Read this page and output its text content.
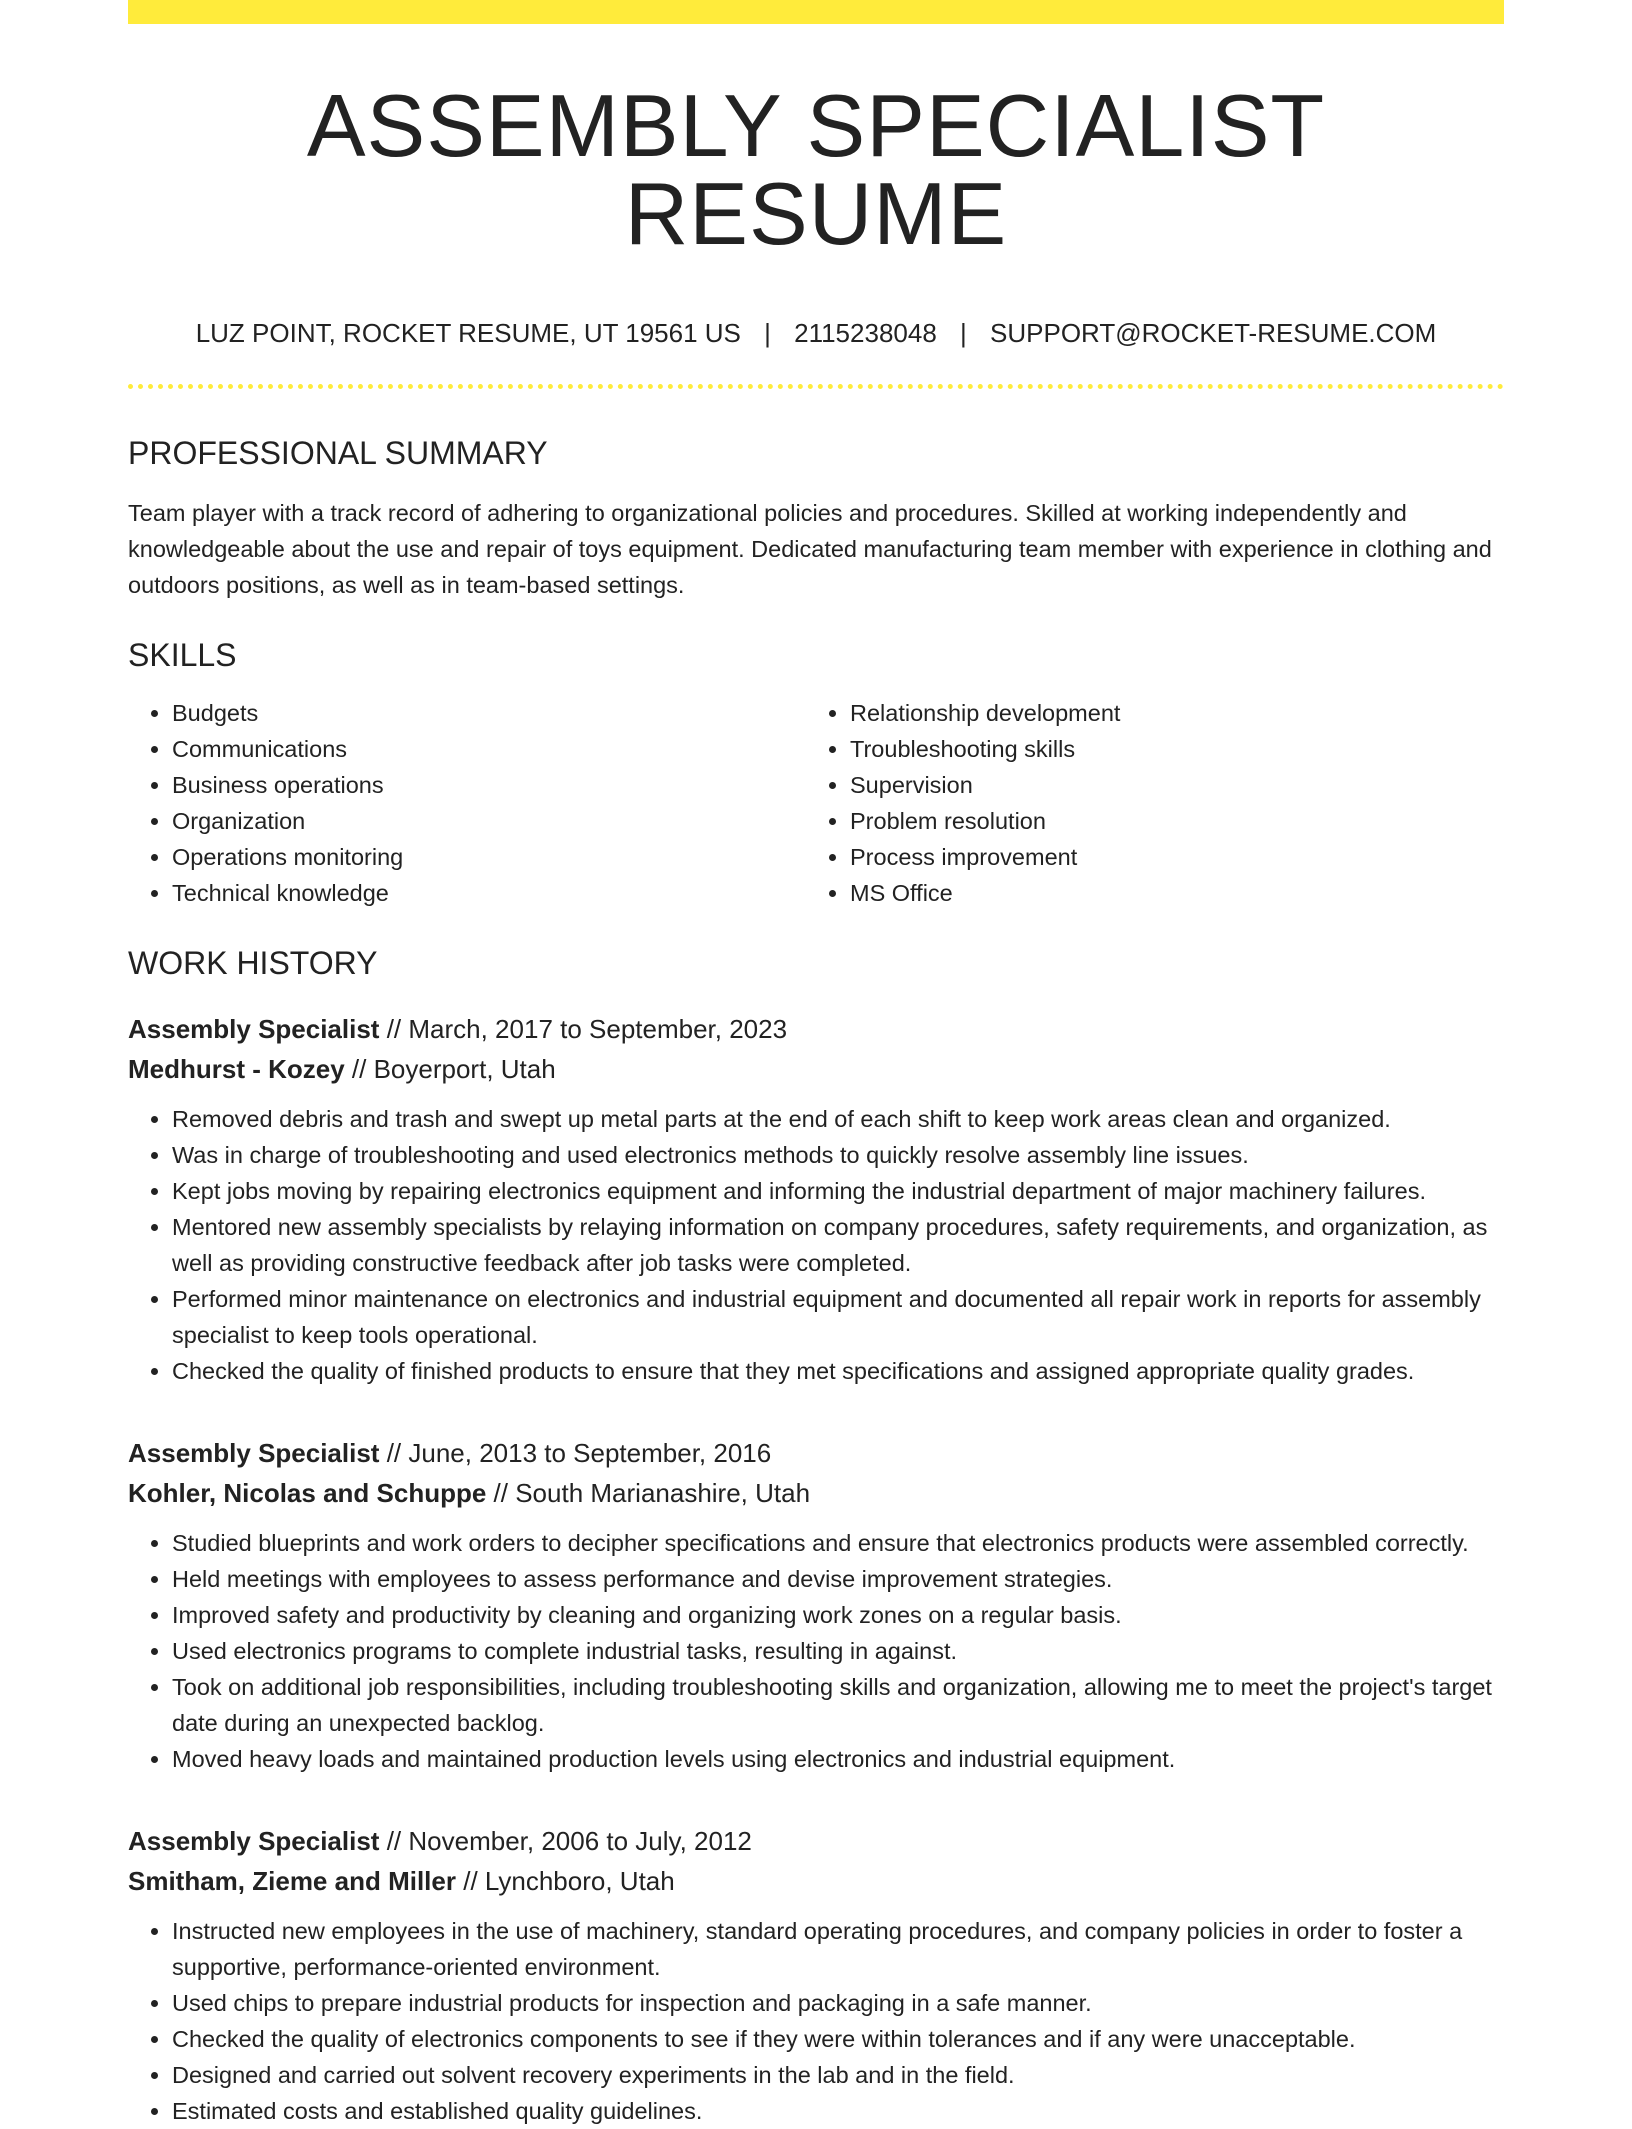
ASSEMBLY SPECIALIST RESUME
LUZ POINT, ROCKET RESUME, UT 19561 US | 2115238048 | SUPPORT@ROCKET-RESUME.COM
PROFESSIONAL SUMMARY

Team player with a track record of adhering to organizational policies and procedures. Skilled at working independently and knowledgeable about the use and repair of toys equipment. Dedicated manufacturing team member with experience in clothing and outdoors positions, as well as in team-based settings.

SKILLS
• Budgets
• Communications
• Business operations
• Organization
• Operations monitoring
• Technical knowledge
• Relationship development
• Troubleshooting skills
• Supervision
• Problem resolution
• Process improvement
• MS Office
WORK HISTORY
Assembly Specialist // March, 2017 to September, 2023
Medhurst - Kozey // Boyerport, Utah
• Removed debris and trash and swept up metal parts at the end of each shift to keep work areas clean and organized.
• Was in charge of troubleshooting and used electronics methods to quickly resolve assembly line issues.
• Kept jobs moving by repairing electronics equipment and informing the industrial department of major machinery failures.
• Mentored new assembly specialists by relaying information on company procedures, safety requirements, and organization, as well as providing constructive feedback after job tasks were completed.
• Performed minor maintenance on electronics and industrial equipment and documented all repair work in reports for assembly specialist to keep tools operational.
• Checked the quality of finished products to ensure that they met specifications and assigned appropriate quality grades.
Assembly Specialist // June, 2013 to September, 2016
Kohler, Nicolas and Schuppe // South Marianashire, Utah
• Studied blueprints and work orders to decipher specifications and ensure that electronics products were assembled correctly.
• Held meetings with employees to assess performance and devise improvement strategies.
• Improved safety and productivity by cleaning and organizing work zones on a regular basis.
• Used electronics programs to complete industrial tasks, resulting in against.
• Took on additional job responsibilities, including troubleshooting skills and organization, allowing me to meet the project's target date during an unexpected backlog.
• Moved heavy loads and maintained production levels using electronics and industrial equipment.
Assembly Specialist // November, 2006 to July, 2012
Smitham, Zieme and Miller // Lynchboro, Utah
• Instructed new employees in the use of machinery, standard operating procedures, and company policies in order to foster a supportive, performance-oriented environment.
• Used chips to prepare industrial products for inspection and packaging in a safe manner.
• Checked the quality of electronics components to see if they were within tolerances and if any were unacceptable.
• Designed and carried out solvent recovery experiments in the lab and in the field.
• Estimated costs and established quality guidelines.
